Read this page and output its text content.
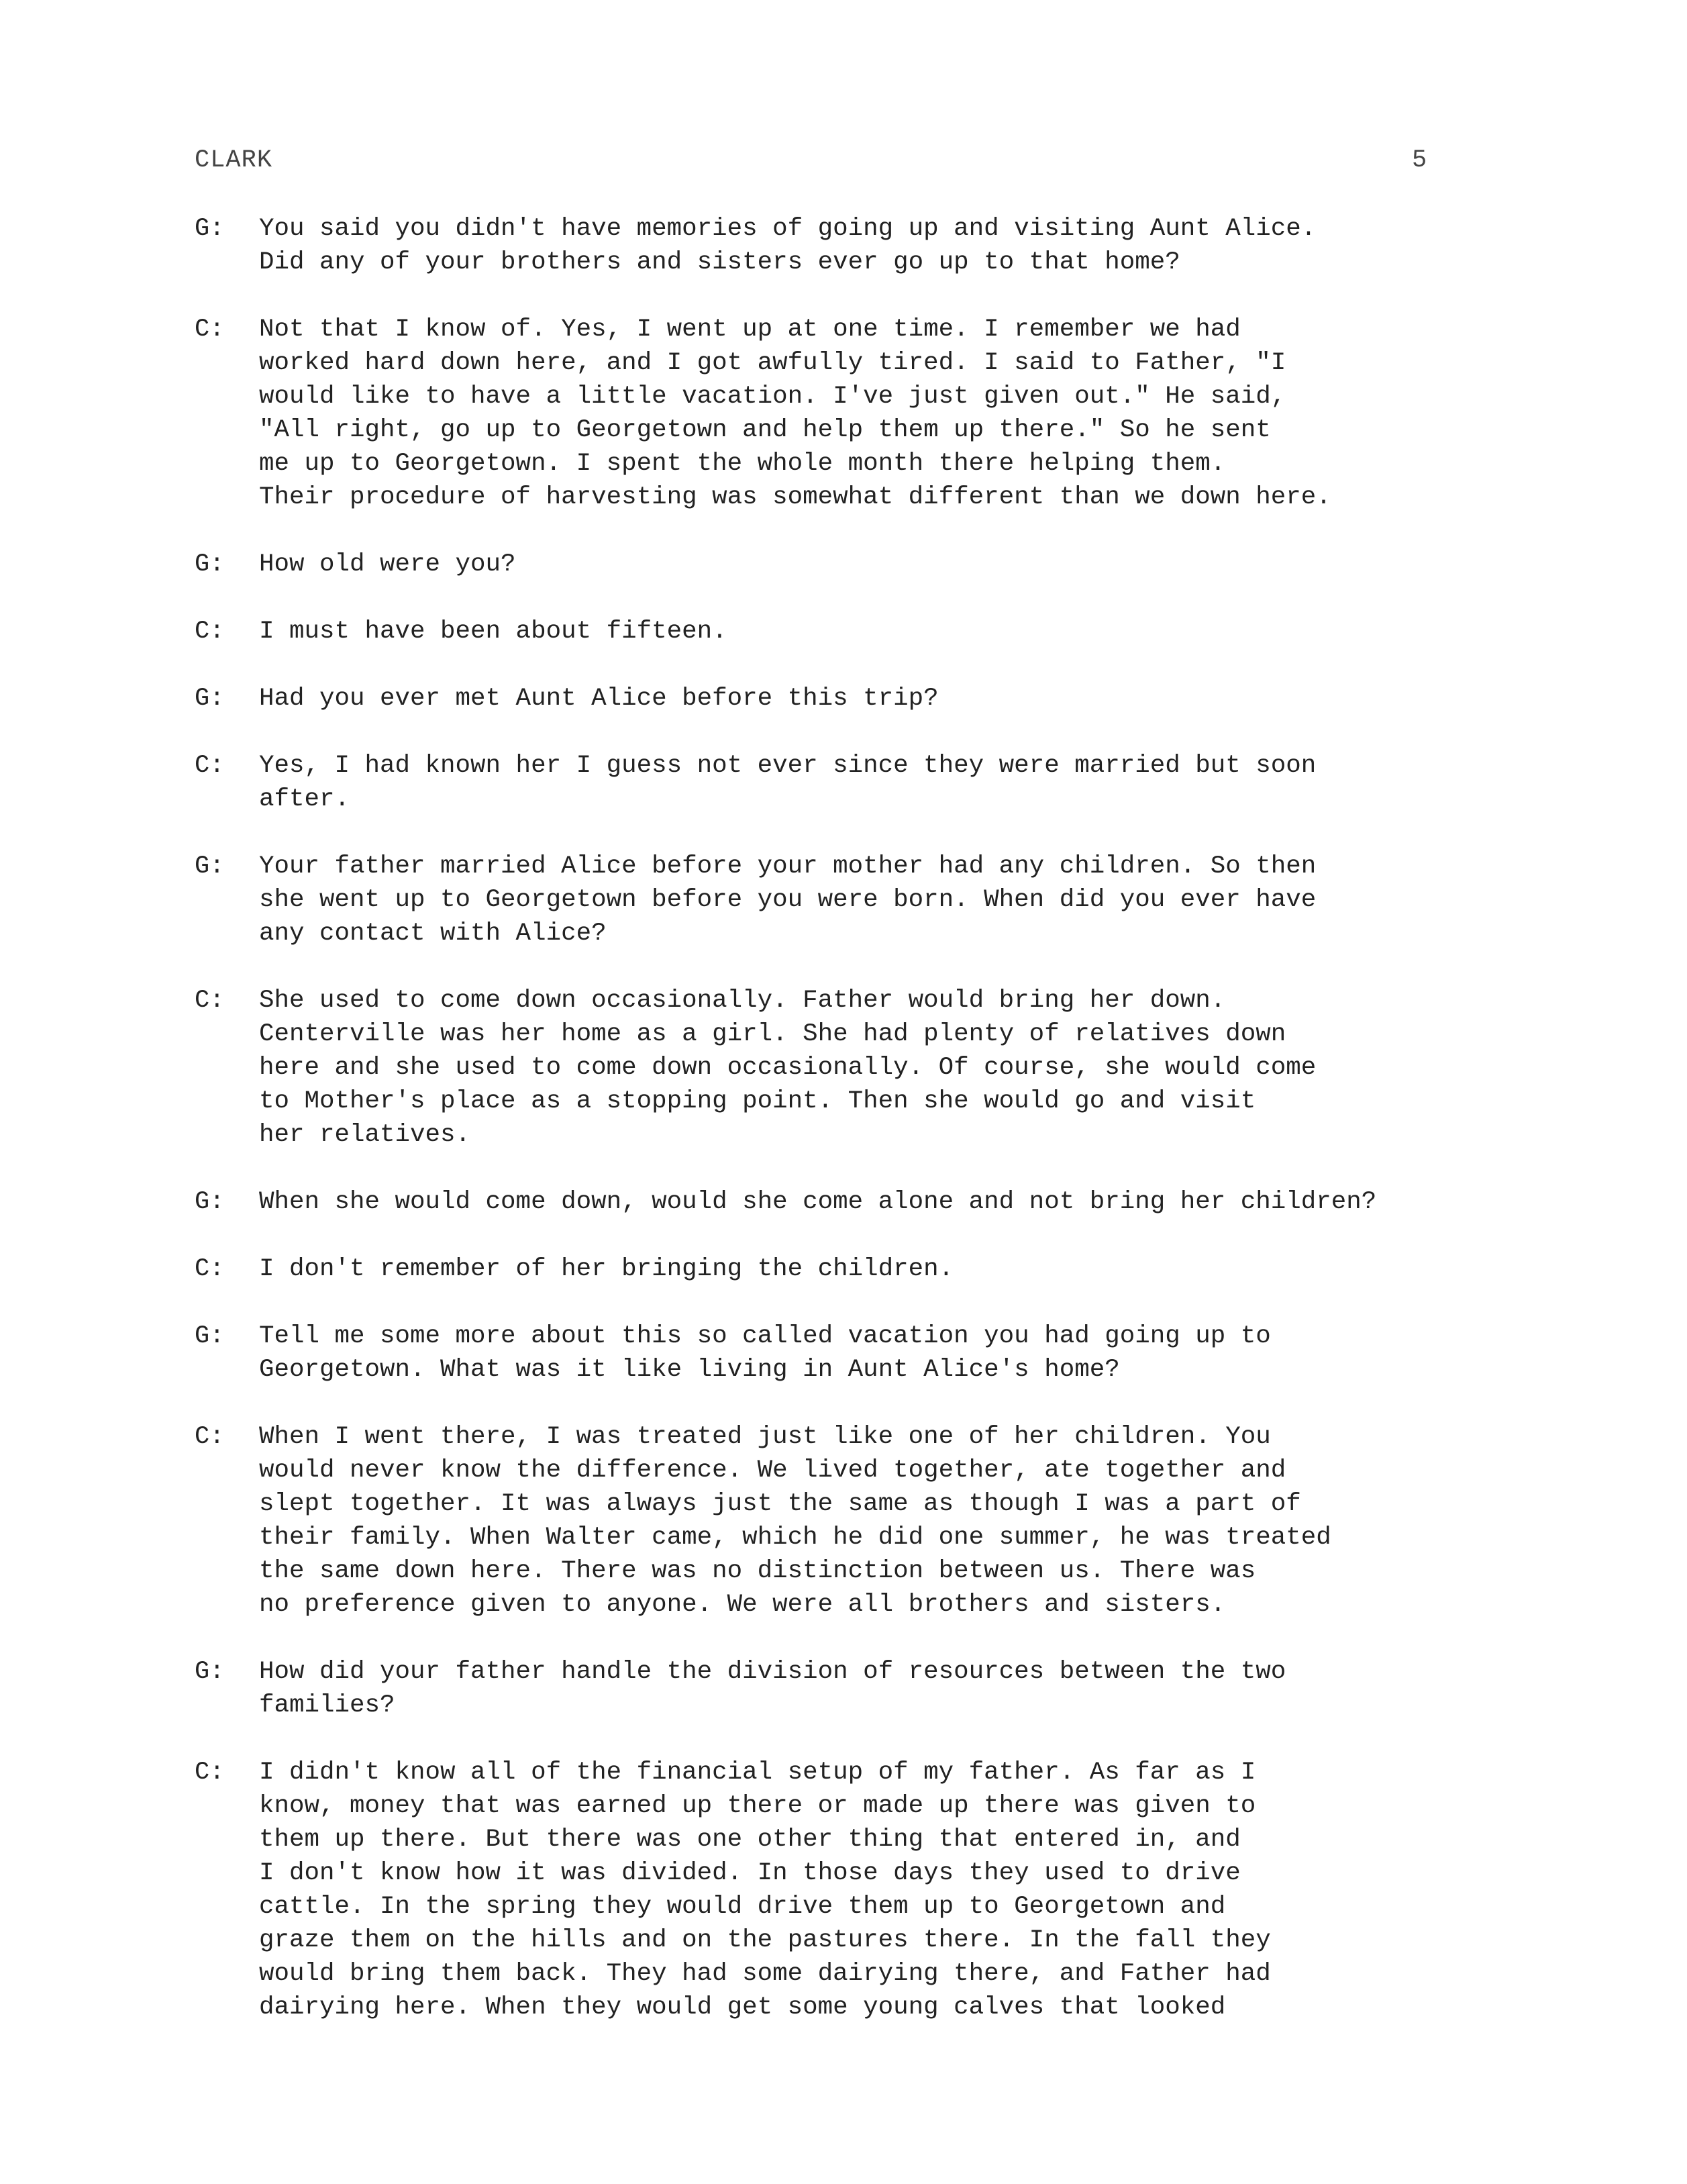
CLARK	5
G:	You said you didn't have memories of going up and visiting Aunt Alice.
Did any of your brothers and sisters ever go up to that home?

C:	Not that I know of. Yes, I went up at one time. I remember we had
worked hard down here, and I got awfully tired. I said to Father, "I
would like to have a little vacation. I've just given out." He said,
"All right, go up to Georgetown and help them up there." So he sent
me up to Georgetown. I spent the whole month there helping them.
Their procedure of harvesting was somewhat different than we down here.

G:	How old were you?

C:	I must have been about fifteen.

G:	Had you ever met Aunt Alice before this trip?

C:	Yes, I had known her I guess not ever since they were married but soon
after.

G:	Your father married Alice before your mother had any children. So then
she went up to Georgetown before you were born. When did you ever have
any contact with Alice?

C:	She used to come down occasionally. Father would bring her down.
Centerville was her home as a girl. She had plenty of relatives down
here and she used to come down occasionally. Of course, she would come
to Mother's place as a stopping point. Then she would go and visit
her relatives.

G:	When she would come down, would she come alone and not bring her children?

C:	I don't remember of her bringing the children.

G:	Tell me some more about this so called vacation you had going up to
Georgetown. What was it like living in Aunt Alice's home?

C:	When I went there, I was treated just like one of her children. You
would never know the difference. We lived together, ate together and
slept together. It was always just the same as though I was a part of
their family. When Walter came, which he did one summer, he was treated
the same down here. There was no distinction between us. There was
no preference given to anyone. We were all brothers and sisters.

G:	How did your father handle the division of resources between the two
families?

C:	I didn't know all of the financial setup of my father. As far as I
know, money that was earned up there or made up there was given to
them up there. But there was one other thing that entered in, and
I don't know how it was divided. In those days they used to drive
cattle. In the spring they would drive them up to Georgetown and
graze them on the hills and on the pastures there. In the fall they
would bring them back. They had some dairying there, and Father had
dairying here. When they would get some young calves that looked
